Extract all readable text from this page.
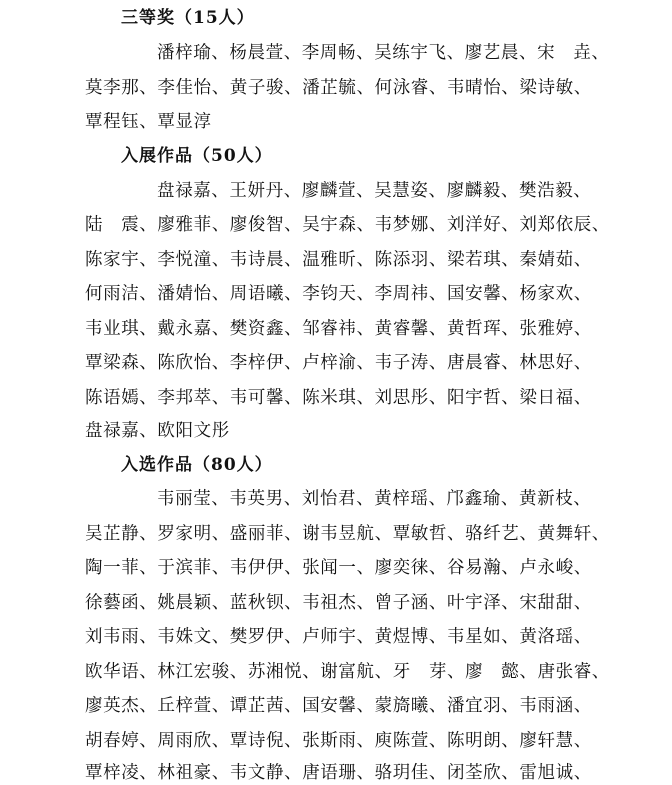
三等奖（15人）
潘梓瑜、杨晨萱、李周畅、吴练宇飞、廖艺晨、宋　垚、
莫李那、李佳怡、黄子骏、潘芷毓、何泳睿、韦晴怡、梁诗敏、
覃程钰、覃显淳
入展作品（50人）
盘禄嘉、王妍丹、廖麟萱、吴慧姿、廖麟毅、樊浩毅、
陆　震、廖雅菲、廖俊智、吴宇森、韦梦娜、刘洋好、刘郑依辰、
陈家宇、李悦潼、韦诗晨、温雅昕、陈添羽、梁若琪、秦婧茹、
何雨洁、潘婧怡、周语曦、李钧天、李周祎、国安馨、杨家欢、
韦业琪、戴永嘉、樊资鑫、邹睿祎、黄睿馨、黄哲珲、张雅婷、
覃梁森、陈欣怡、李梓伊、卢梓渝、韦子涛、唐晨睿、林思好、
陈语嫣、李邦萃、韦可馨、陈米琪、刘思彤、阳宇哲、梁日福、
盘禄嘉、欧阳文彤
入选作品（80人）
韦丽莹、韦英男、刘怡君、黄梓瑶、邝鑫瑜、黄新枝、
吴芷静、罗家明、盛丽菲、谢韦昱航、覃敏哲、骆纤艺、黄舞轩、
陶一菲、于滨菲、韦伊伊、张闻一、廖奕徕、谷易瀚、卢永峻、
徐藝函、姚晨颖、蓝秋钡、韦祖杰、曾子涵、叶宇泽、宋甜甜、
刘韦雨、韦姝文、樊罗伊、卢师宇、黄煜博、韦星如、黄洛瑶、
欧华语、林江宏骏、苏湘悦、谢富航、牙　芽、廖　懿、唐张睿、
廖英杰、丘梓萱、谭芷茜、国安馨、蒙旖曦、潘宜羽、韦雨涵、
胡春婷、周雨欣、覃诗倪、张斯雨、庾陈萱、陈明朗、廖轩慧、
覃梓凌、林祖豪、韦文静、唐语珊、骆玥佳、闭荃欣、雷旭诚、
